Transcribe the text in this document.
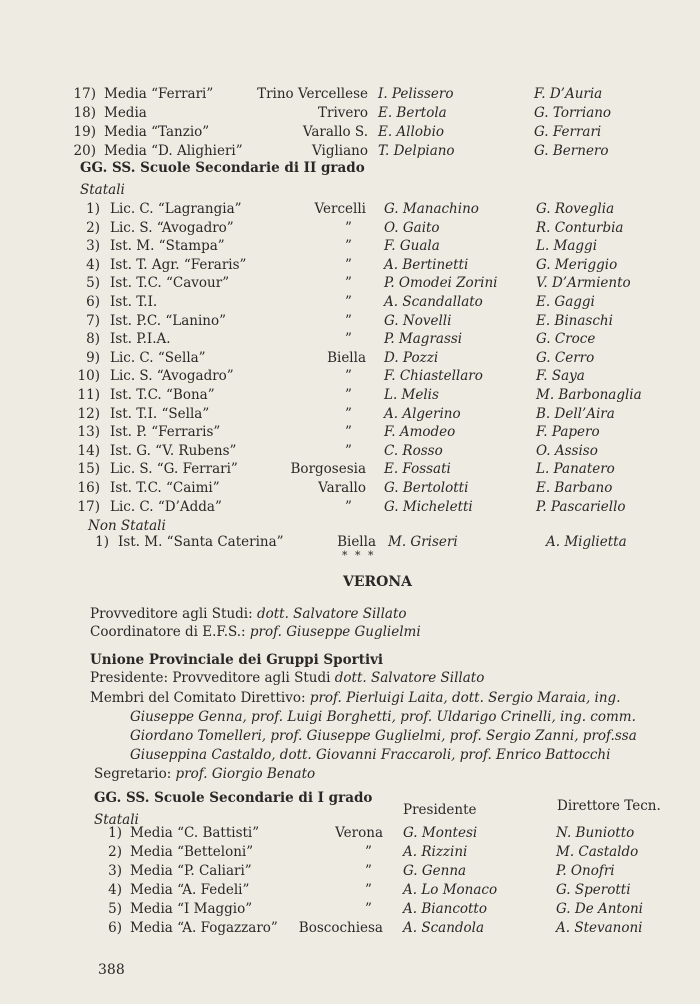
17) Media “Ferrari”	Trino Vercellese I. Pelissero	F. D’Auria
18) Media	Trivero E. Bertola	G. Torriano
19) Media “Tanzio”	Varallo S. E. Allobio	G. Ferrari
20) Media “D. Alighieri”	Vigliano T. Delpiano	G. Bernero
GG. SS. Scuole Secondarie di II grado
Statali
1) Lic. C. “Lagrangia”	Vercelli G. Manachino	G. Roveglia
2) Lic. S. “Avogadro”	” O. Gaito	R. Conturbia
3) Ist. M. “Stampa”	” F. Guala	L. Maggi
4) Ist. T. Agr. “Feraris”	” A. Bertinetti	G. Meriggio
5) Ist. T.C. “Cavour”	” P. Omodei Zorini	V. D’Armiento
6) Ist. T.I.	” A. Scandallato	E. Gaggi
7) Ist. P.C. “Lanino”	” G. Novelli	E. Binaschi
8) Ist. P.I.A.	” P. Magrassi	G. Croce
9) Lic. C. “Sella”	Biella D. Pozzi	G. Cerro
10) Lic. S. “Avogadro”	” F. Chiastellaro	F. Saya
11) Ist. T.C. “Bona”	” L. Melis	M. Barbonaglia
12) Ist. T.I. “Sella”	” A. Algerino	B. Dell’Aira
13) Ist. P. “Ferraris”	” F. Amodeo	F. Papero
14) Ist. G. “V. Rubens”	” C. Rosso	O. Assiso
15) Lic. S. “G. Ferrari”	Borgosesia E. Fossati	L. Panatero
16) Ist. T.C. “Caimi”	Varallo G. Bertolotti	E. Barbano
17) Lic. C. “D’Adda”	” G. Micheletti	P. Pascariello
Non Statali
1) Ist. M. “Santa Caterina”	Biella M. Griseri	A. Miglietta
* * *
VERONA
Provveditore agli Studi: dott. Salvatore Sillato
Coordinatore di E.F.S.: prof. Giuseppe Guglielmi
Unione Provinciale dei Gruppi Sportivi
Presidente: Provveditore agli Studi dott. Salvatore Sillato
Membri del Comitato Direttivo: prof. Pierluigi Laita, dott. Sergio Maraia, ing.
Giuseppe Genna, prof. Luigi Borghetti, prof. Uldarigo Crinelli, ing. comm.
Giordano Tomelleri, prof. Giuseppe Guglielmi, prof. Sergio Zanni, prof.ssa
Giuseppina Castaldo, dott. Giovanni Fraccaroli, prof. Enrico Battocchi
Segretario: prof. Giorgio Benato
GG. SS. Scuole Secondarie di I grado
Presidente	Direttore Tecn.
Statali
1) Media “C. Battisti”	Verona G. Montesi	N. Buniotto
2) Media “Betteloni”	” A. Rizzini	M. Castaldo
3) Media “P. Caliari”	” G. Genna	P. Onofri
4) Media “A. Fedeli”	” A. Lo Monaco	G. Sperotti
5) Media “I Maggio”	” A. Biancotto	G. De Antoni
6) Media “A. Fogazzaro” Boscochiesa A. Scandola	A. Stevanoni
388
